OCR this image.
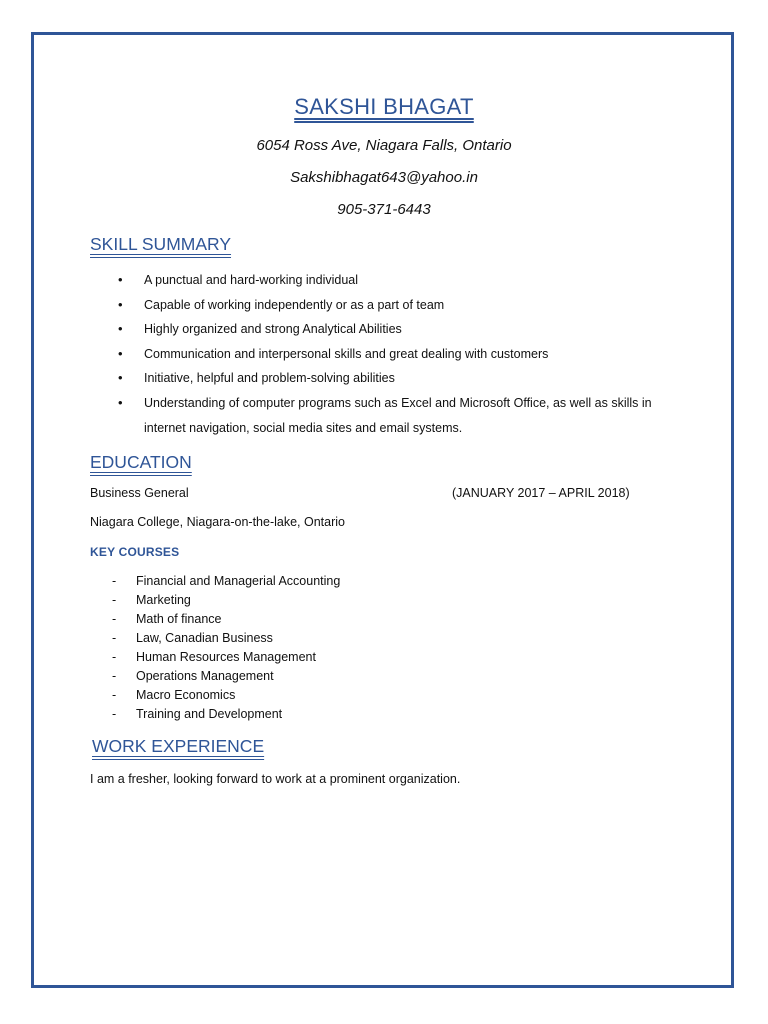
SAKSHI BHAGAT
6054 Ross Ave, Niagara Falls, Ontario
Sakshibhagat643@yahoo.in
905-371-6443
SKILL SUMMARY
• A punctual and hard-working individual
• Capable of working independently or as a part of team
• Highly organized and strong Analytical Abilities
• Communication and interpersonal skills and great dealing with customers
• Initiative, helpful and problem-solving abilities
• Understanding of computer programs such as Excel and Microsoft Office, as well as skills in internet navigation, social media sites and email systems.
EDUCATION
Business General	(JANUARY 2017 – APRIL 2018)
Niagara College, Niagara-on-the-lake, Ontario
KEY COURSES
- Financial and Managerial Accounting
- Marketing
- Math of finance
- Law, Canadian Business
- Human Resources Management
- Operations Management
- Macro Economics
- Training and Development
WORK EXPERIENCE
I am a fresher, looking forward to work at a prominent organization.
